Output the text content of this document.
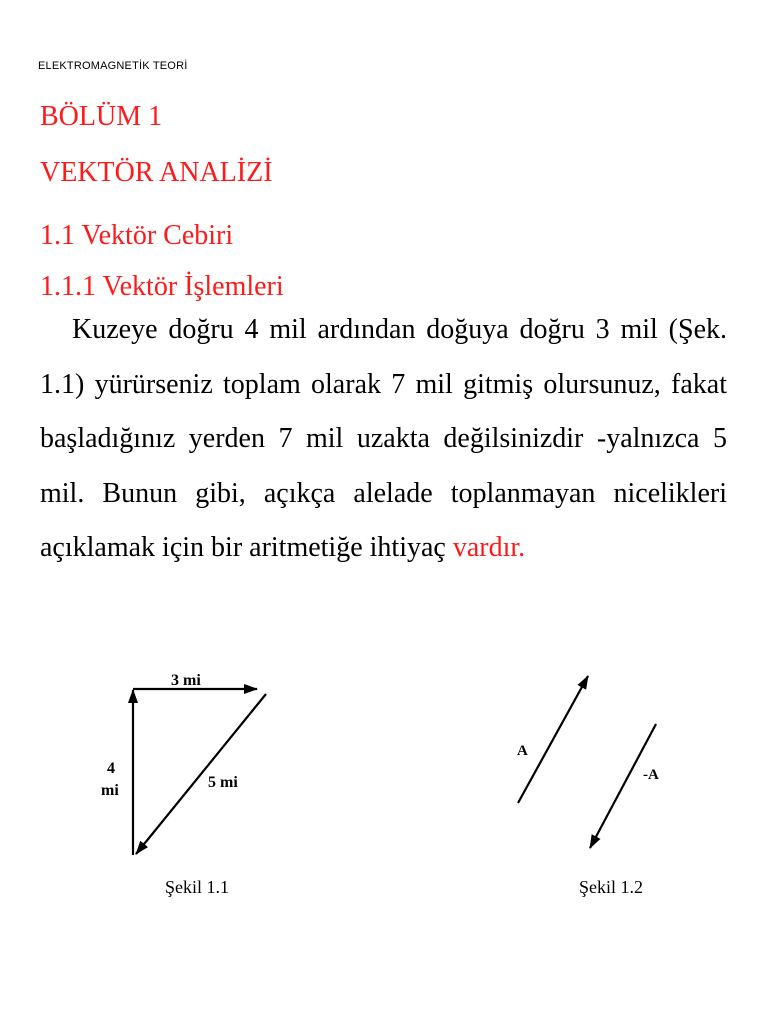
ELEKTROMAGNETİK TEORİ
BÖLÜM 1
VEKTÖR ANALİZİ
1.1 Vektör Cebiri
1.1.1 Vektör İşlemleri
Kuzeye doğru 4 mil ardından doğuya doğru 3 mil (Şek. 1.1) yürürseniz toplam olarak 7 mil gitmiş olursunuz, fakat başladığınız yerden 7 mil uzakta değilsinizdir -yalnızca 5 mil. Bunun gibi, açıkça alelade toplanmayan nicelikleri açıklamak için bir aritmetiğe ihtiyaç vardır.
3 mi
4
mi	5 mi
Şekil 1.1
A
-A
Şekil 1.2
